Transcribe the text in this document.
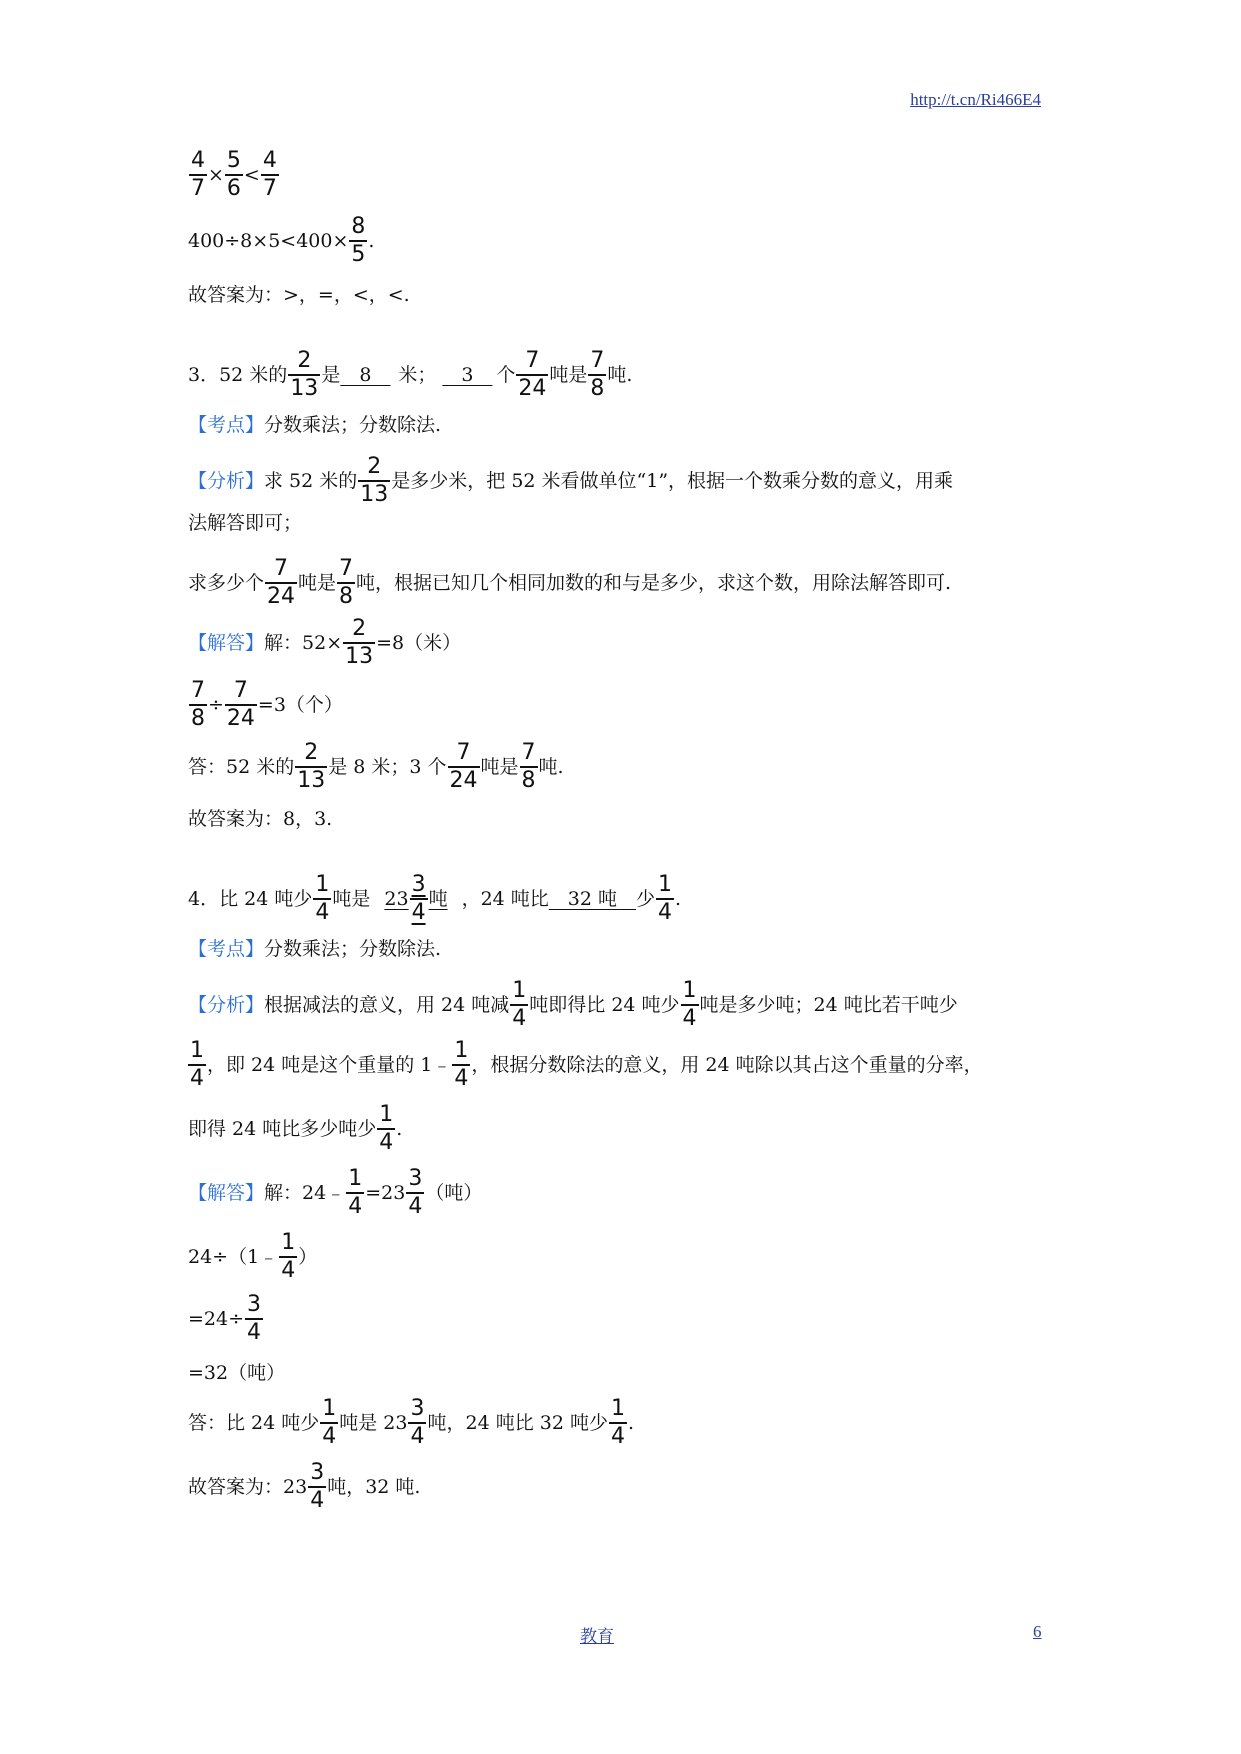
http://t.cn/Ri466E4
$\frac{4}{7} \times \frac{5}{6} < \frac{4}{7}$
$400\div 8\times 5<400\times \frac{8}{5}$ .
故答案为：>，=，<，<.
3．52 米的 $\frac{2}{13}$ 是 　8　 米； 　3　 个 $\frac{7}{24}$ 吨是 $\frac{7}{8}$ 吨.
【考点】 分数乘法；分数除法.
【分析】 求 52 米的 $\frac{2}{13}$ 是多少米，把 52 米看做单位“1”，根据一个数乘分数的意义，用乘
法解答即可；
求多少个 $\frac{7}{24}$ 吨是 $\frac{7}{8}$ 吨，根据已知几个相同加数的和与是多少，求这个数，用除法解答即可.
【解答】 解：$52\times \frac{2}{13} =8$（米）
$\frac{7}{8} \div \frac{7}{24} =3$（个）
答：52 米的 $\frac{2}{13}$ 是 8 米；3 个 $\frac{7}{24}$ 吨是 $\frac{7}{8}$ 吨.
故答案为：8，3.
4．比 24 吨少 $\frac{1}{4}$ 吨是 $23 \frac{3}{4}$ 吨 ，24 吨比 　32 吨　 少 $\frac{1}{4}$ .
【考点】 分数乘法；分数除法.
【分析】 根据减法的意义，用 24 吨减 $\frac{1}{4}$ 吨即得比 24 吨少 $\frac{1}{4}$ 吨是多少吨；24 吨比若干吨少
$\frac{1}{4}$ ，即 24 吨是这个重量的 1﹣ $\frac{1}{4}$ ，根据分数除法的意义，用 24 吨除以其占这个重量的分率，
即得 24 吨比多少吨少 $\frac{1}{4}$ .
【解答】 解：24﹣ $\frac{1}{4} =23 \frac{3}{4}$ （吨）
24÷（1﹣ $\frac{1}{4}$ ）
$=24\div \frac{3}{4}$
=32（吨）
答：比 24 吨少 $\frac{1}{4}$ 吨是 $23 \frac{3}{4}$ 吨，24 吨比 32 吨少 $\frac{1}{4}$ .
故答案为：$23 \frac{3}{4}$ 吨，32 吨.
教育	6
